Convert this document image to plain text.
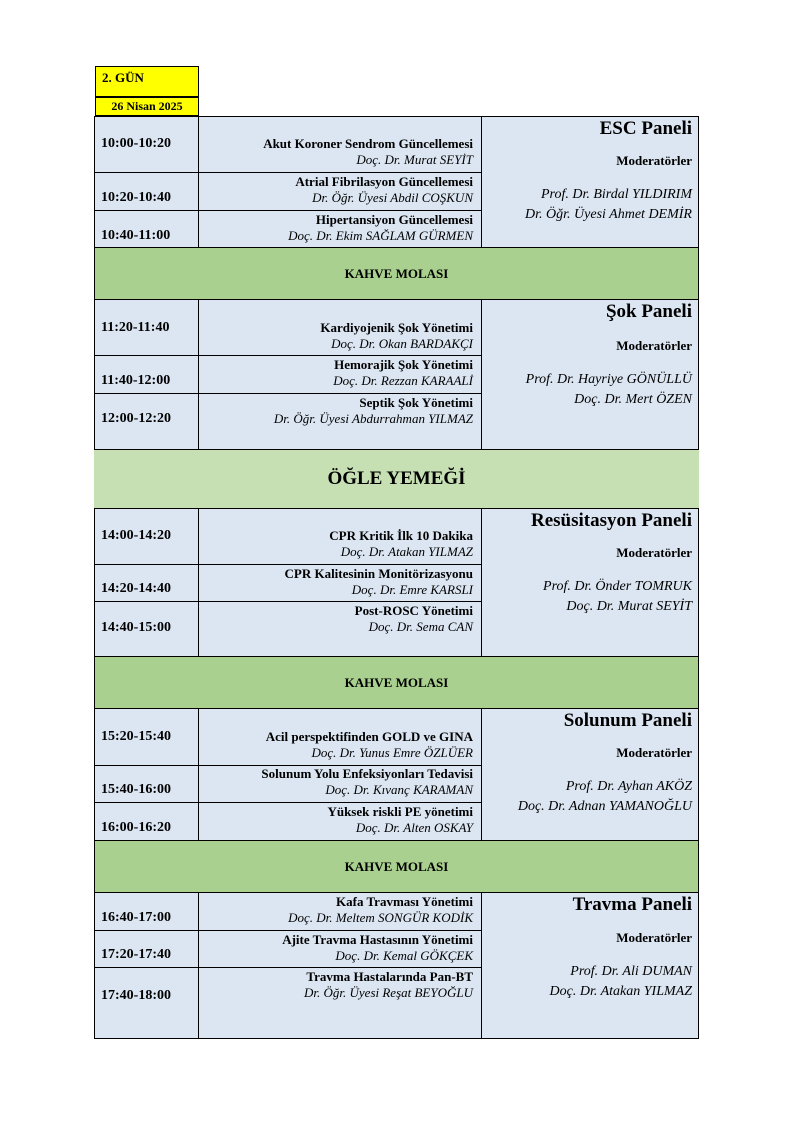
2. GÜN
26 Nisan 2025
10:00-10:20
10:20-10:40
10:40-11:00
Akut Koroner Sendrom Güncellemesi
Doç. Dr. Murat SEYİT
Atrial Fibrilasyon Güncellemesi
Dr. Öğr. Üyesi Abdil COŞKUN
Hipertansiyon Güncellemesi
Doç. Dr. Ekim SAĞLAM GÜRMEN
ESC Paneli
Moderatörler
Prof. Dr. Birdal YILDIRIM
Dr. Öğr. Üyesi Ahmet DEMİR
KAHVE MOLASI
11:20-11:40
11:40-12:00
12:00-12:20
Kardiyojenik Şok Yönetimi
Doç. Dr. Okan BARDAKÇI
Hemorajik Şok Yönetimi
Doç. Dr. Rezzan KARAALİ
Septik Şok Yönetimi
Dr. Öğr. Üyesi Abdurrahman YILMAZ
Şok Paneli
Moderatörler
Prof. Dr. Hayriye GÖNÜLLÜ
Doç. Dr. Mert ÖZEN
ÖĞLE YEMEĞİ
14:00-14:20
14:20-14:40
14:40-15:00
CPR Kritik İlk 10 Dakika
Doç. Dr. Atakan YILMAZ
CPR Kalitesinin Monitörizasyonu
Doç. Dr. Emre KARSLI
Post-ROSC Yönetimi
Doç. Dr. Sema CAN
Resüsitasyon Paneli
Moderatörler
Prof. Dr. Önder TOMRUK
Doç. Dr. Murat SEYİT
KAHVE MOLASI
15:20-15:40
15:40-16:00
16:00-16:20
Acil perspektifinden GOLD ve GINA
Doç. Dr. Yunus Emre ÖZLÜER
Solunum Yolu Enfeksiyonları Tedavisi
Doç. Dr. Kıvanç KARAMAN
Yüksek riskli PE yönetimi
Doç. Dr. Alten OSKAY
Solunum Paneli
Moderatörler
Prof. Dr. Ayhan AKÖZ
Doç. Dr. Adnan YAMANOĞLU
KAHVE MOLASI
16:40-17:00
17:20-17:40
17:40-18:00
Kafa Travması Yönetimi
Doç. Dr. Meltem SONGÜR KODİK
Ajite Travma Hastasının Yönetimi
Doç. Dr. Kemal GÖKÇEK
Travma Hastalarında Pan-BT
Dr. Öğr. Üyesi Reşat BEYOĞLU
Travma Paneli
Moderatörler
Prof. Dr. Ali DUMAN
Doç. Dr. Atakan YILMAZ
